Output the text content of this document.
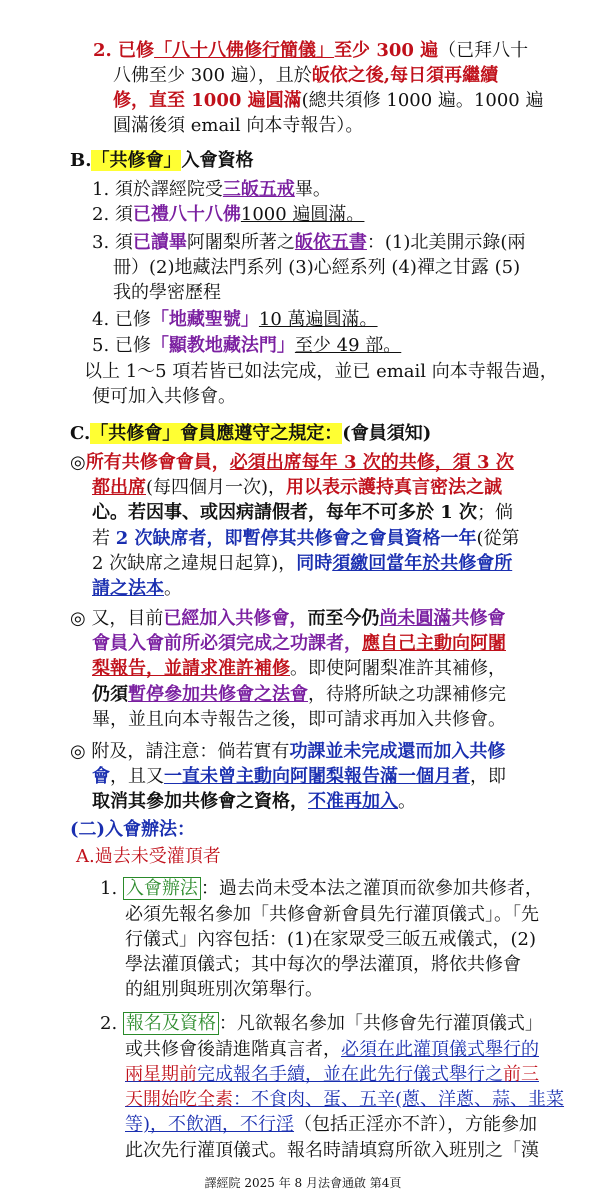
2. 已修「八十八佛修行簡儀」至少 300 遍（已拜八十
八佛至少 300 遍），且於皈依之後,每日須再繼續
修，直至 1000 遍圓滿(總共須修 1000 遍。1000 遍
圓滿後須 email 向本寺報告）。
B.「共修會」入會資格
1. 須於譯經院受三皈五戒畢。
2. 須已禮八十八佛1000 遍圓滿。
3. 須已讀畢阿闍梨所著之皈依五書：(1)北美開示錄(兩
冊）(2)地藏法門系列 (3)心經系列 (4)禪之甘露 (5)
我的學密歷程
4. 已修「地藏聖號」10 萬遍圓滿。
5. 已修「顯教地藏法門」至少 49 部。
以上 1～5 項若皆已如法完成，並已 email 向本寺報告過，
便可加入共修會。
C.「共修會」會員應遵守之規定：(會員須知)
◎所有共修會會員，必須出席每年 3 次的共修，須 3 次
都出席(每四個月一次)，用以表示護持真言密法之誠
心。若因事、或因病請假者，每年不可多於 1 次；倘
若 2 次缺席者，即暫停其共修會之會員資格一年(從第
2 次缺席之違規日起算)，同時須繳回當年於共修會所
請之法本。
◎ 又，目前已經加入共修會，而至今仍尚未圓滿共修會
會員入會前所必須完成之功課者，應自己主動向阿闍
梨報告，並請求准許補修。即使阿闍梨准許其補修，
仍須暫停參加共修會之法會，待將所缺之功課補修完
畢，並且向本寺報告之後，即可請求再加入共修會。
◎ 附及，請注意：倘若實有功課並未完成還而加入共修
會，且又一直未曾主動向阿闍梨報告滿一個月者，即
取消其參加共修會之資格，不准再加入。
(二)入會辦法：
A.過去未受灌頂者
1. 入會辦法 ：過去尚未受本法之灌頂而欲參加共修者，
必須先報名參加「共修會新會員先行灌頂儀式」。「先
行儀式」內容包括：(1)在家眾受三皈五戒儀式，(2)
學法灌頂儀式；其中每次的學法灌頂，將依共修會
的組別與班別次第舉行。
2. 報名及資格 ：凡欲報名參加「共修會先行灌頂儀式」
或共修會後請進階真言者，必須在此灌頂儀式舉行的
兩星期前完成報名手續，並在此先行儀式舉行之前三
天開始吃全素：不食肉、蛋、五辛(蔥、洋蔥、蒜、韭菜
等)，不飲酒，不行淫（包括正淫亦不許），方能參加
此次先行灌頂儀式。報名時請填寫所欲入班別之「漢
譯經院 2025 年 8 月法會通啟 第4頁
